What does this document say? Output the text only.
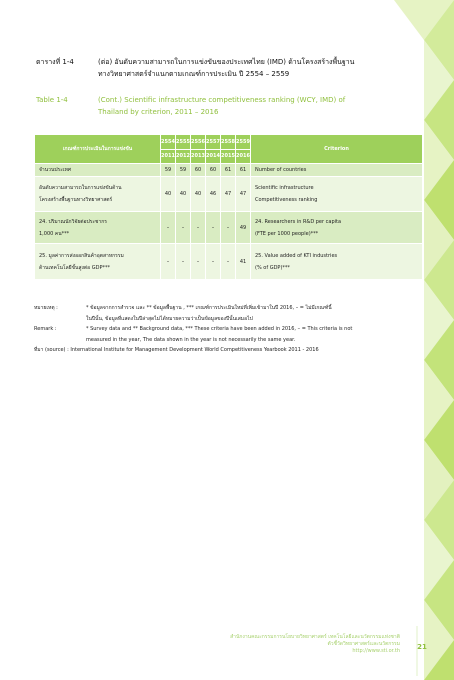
ตารางที่ 1-4	(ต่อ) อันดับความสามารถในการแข่งขันของประเทศไทย (IMD) ด้านโครงสร้างพื้นฐาน
ทางวิทยาศาสตร์จำแนกตามเกณฑ์การประเมิน ปี 2554 – 2559
Table 1-4	(Cont.) Scientific infrastructure competitiveness ranking (WCY, IMD) of
Thailand by criterion, 2011 – 2016
เกณฑ์การประเมินในการแข่งขัน	2554	2555	2556	2557	2558	2559	Criterion
	2011	2012	2013	2014	2015	2016	

จำนวนประเทศ	59	59	60	60	61	61	Number of countries

อันดับความสามารถในการแข่งขันด้าน
โครงสร้างพื้นฐานทางวิทยาศาสตร์	40	40	40	46	47	47	Scientific infrastructure
Competitiveness ranking

24. ปริมาณนักวิจัยต่อประชากร
1,000 คน***	–	–	–	–	–	49	24. Researchers in R&D per capita
(FTE per 1000 people)***

25. มูลค่าการส่งออกสินค้าอุตสาหกรรม
ด้านเทคโนโลยีขั้นสูงต่อ GDP***	–	–	–	–	–	41	25. Value added of KTI industries
(% of GDP)***
หมายเหตุ :	* ข้อมูลจากการสำรวจ และ ** ข้อมูลพื้นฐาน , *** เกณฑ์การประเมินใหม่ที่เพิ่มเข้ามาในปี 2016, – = ไม่มีเกณฑ์นี้
ในปีนั้น, ข้อมูลที่แสดงในปีล่าสุดไม่ได้หมายความว่าเป็นข้อมูลของปีนั้นเสมอไป
Remark :	* Survey data and ** Background data, *** These criteria have been added in 2016, – = This criteria is not
measured in the year, The data shown in the year is not necessarily the same year.
ที่มา (source) : International Institute for Management Development World Competitiveness Yearbook 2011 - 2016
สำนักงานคณะกรรมการนโยบายวิทยาศาสตร์ เทคโนโลยีและนวัตกรรมแห่งชาติ
ตัวชี้วัดวิทยาศาสตร์และนวัตกรรม
http://www.sti.or.th	21
